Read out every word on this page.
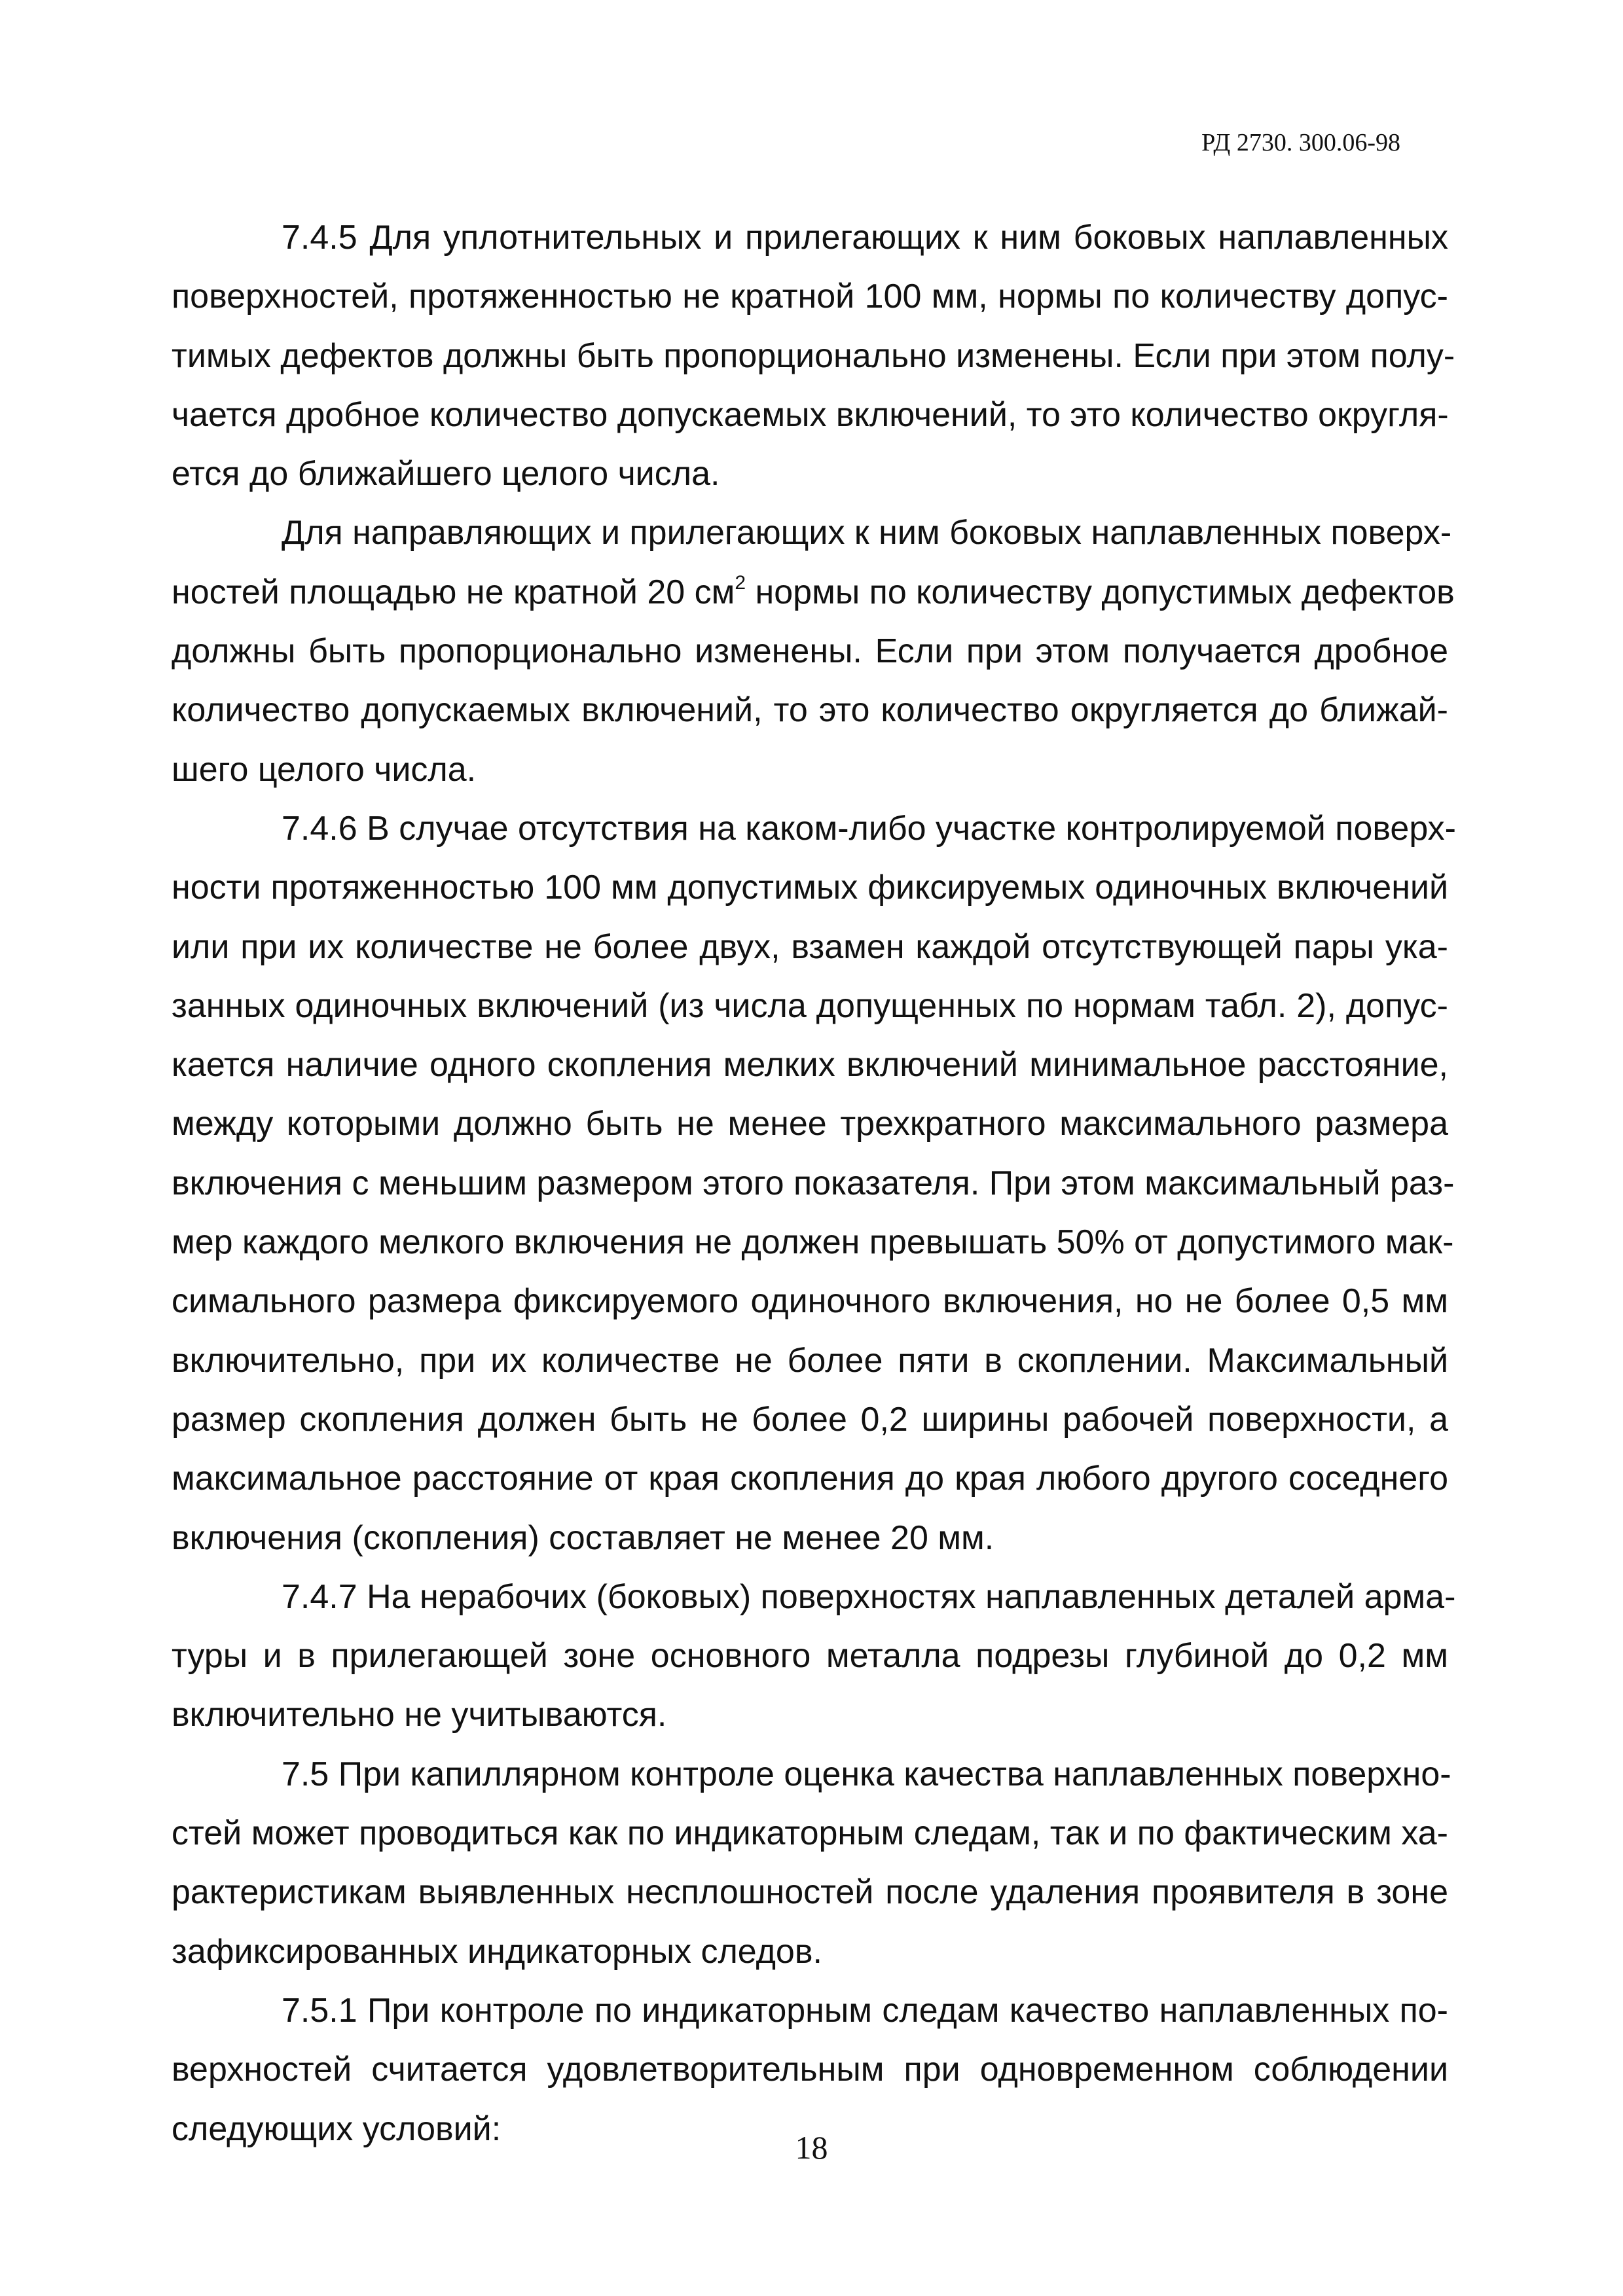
РД 2730. 300.06-98
7.4.5 Для уплотнительных и прилегающих к ним боковых наплавленных
поверхностей, протяженностью не кратной 100 мм, нормы по количеству допус-
тимых дефектов должны быть пропорционально изменены. Если при этом полу-
чается дробное количество допускаемых включений, то это количество округля-
ется до ближайшего целого числа.
Для направляющих и прилегающих к ним боковых наплавленных поверх-
ностей площадью не кратной 20 $см^2$ нормы по количеству допустимых дефектов
должны быть пропорционально изменены. Если при этом получается дробное
количество допускаемых включений, то это количество округляется до ближай-
шего целого числа.
7.4.6 В случае отсутствия на каком-либо участке контролируемой поверх-
ности протяженностью 100 мм допустимых фиксируемых одиночных включений
или при их количестве не более двух, взамен каждой отсутствующей пары ука-
занных одиночных включений (из числа допущенных по нормам табл. 2), допус-
кается наличие одного скопления мелких включений минимальное расстояние,
между которыми должно быть не менее трехкратного максимального размера
включения с меньшим размером этого показателя. При этом максимальный раз-
мер каждого мелкого включения не должен превышать 50% от допустимого мак-
симального размера фиксируемого одиночного включения, но не более 0,5 мм
включительно, при их количестве не более пяти в скоплении. Максимальный
размер скопления должен быть не более 0,2 ширины рабочей поверхности, а
максимальное расстояние от края скопления до края любого другого соседнего
включения (скопления) составляет не менее 20 мм.
7.4.7 На нерабочих (боковых) поверхностях наплавленных деталей арма-
туры и в прилегающей зоне основного металла подрезы глубиной до 0,2 мм
включительно не учитываются.
7.5 При капиллярном контроле оценка качества наплавленных поверхно-
стей может проводиться как по индикаторным следам, так и по фактическим ха-
рактеристикам выявленных несплошностей после удаления проявителя в зоне
зафиксированных индикаторных следов.
7.5.1 При контроле по индикаторным следам качество наплавленных по-
верхностей считается удовлетворительным при одновременном соблюдении
следующих условий:	18
